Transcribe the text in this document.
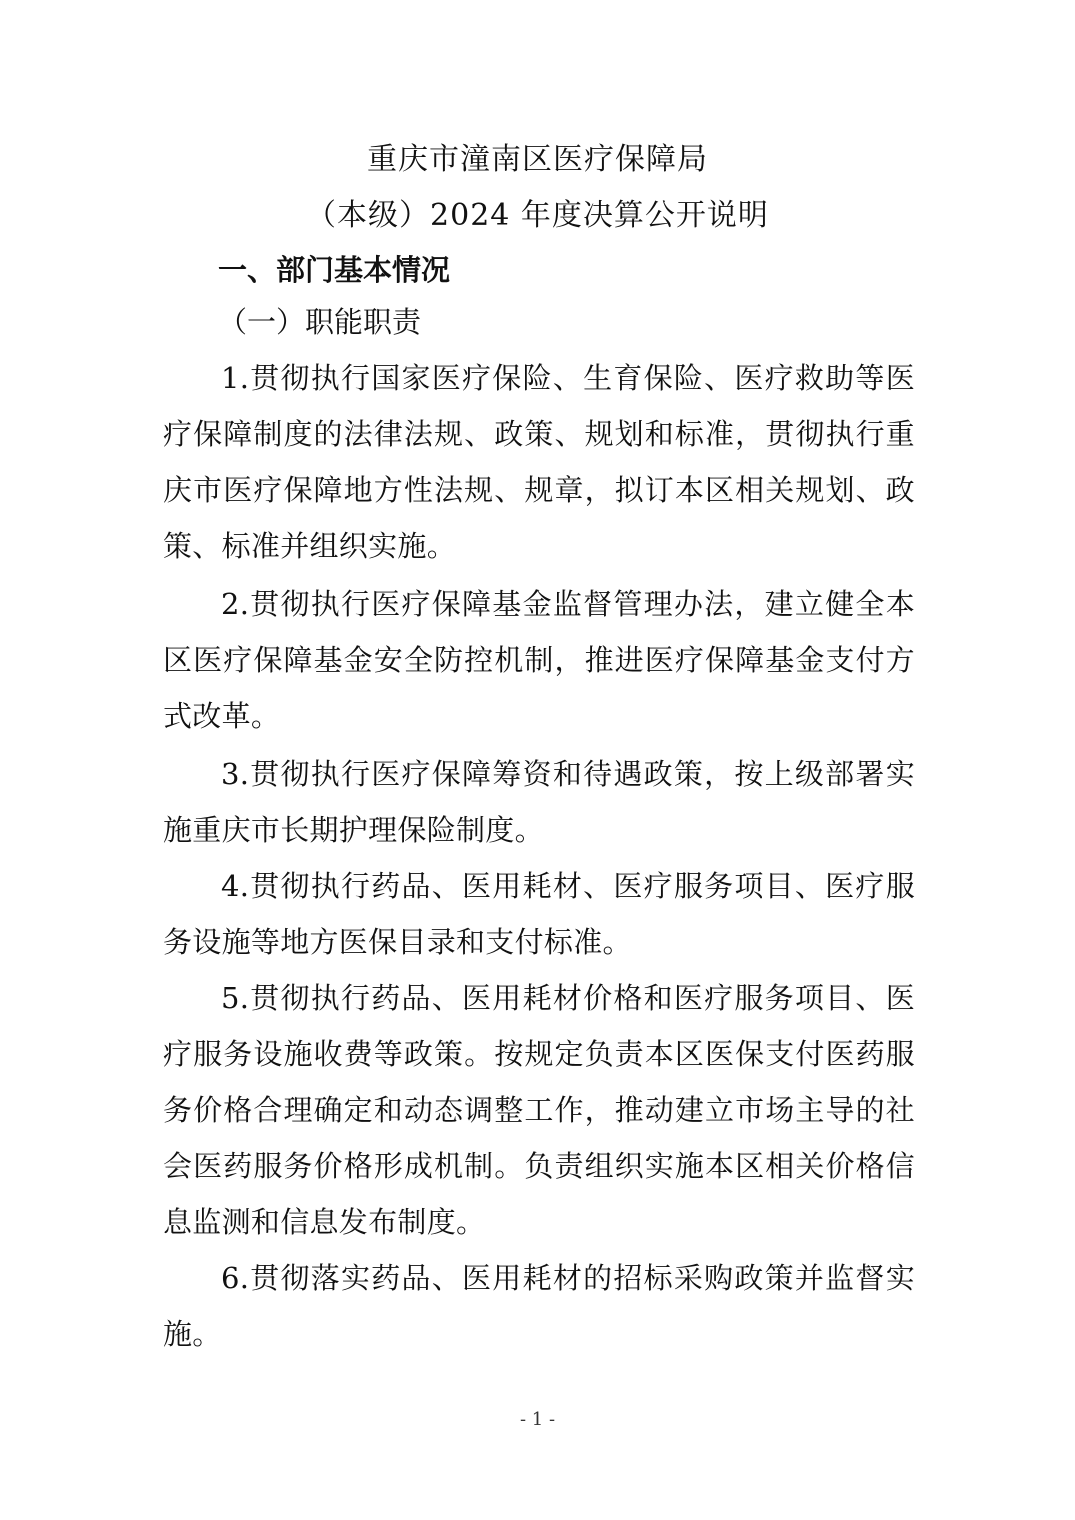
重庆市潼南区医疗保障局
（本级）2024 年度决算公开说明
一、部门基本情况
（一）职能职责

1.贯彻执行国家医疗保险、生育保险、医疗救助等医疗保障制度的法律法规、政策、规划和标准，贯彻执行重庆市医疗保障地方性法规、规章，拟订本区相关规划、政策、标准并组织实施。

2.贯彻执行医疗保障基金监督管理办法，建立健全本区医疗保障基金安全防控机制，推进医疗保障基金支付方式改革。

3.贯彻执行医疗保障筹资和待遇政策，按上级部署实施重庆市长期护理保险制度。

4.贯彻执行药品、医用耗材、医疗服务项目、医疗服务设施等地方医保目录和支付标准。

5.贯彻执行药品、医用耗材价格和医疗服务项目、医疗服务设施收费等政策。按规定负责本区医保支付医药服务价格合理确定和动态调整工作，推动建立市场主导的社会医药服务价格形成机制。负责组织实施本区相关价格信息监测和信息发布制度。

6.贯彻落实药品、医用耗材的招标采购政策并监督实施。

- 1 -
